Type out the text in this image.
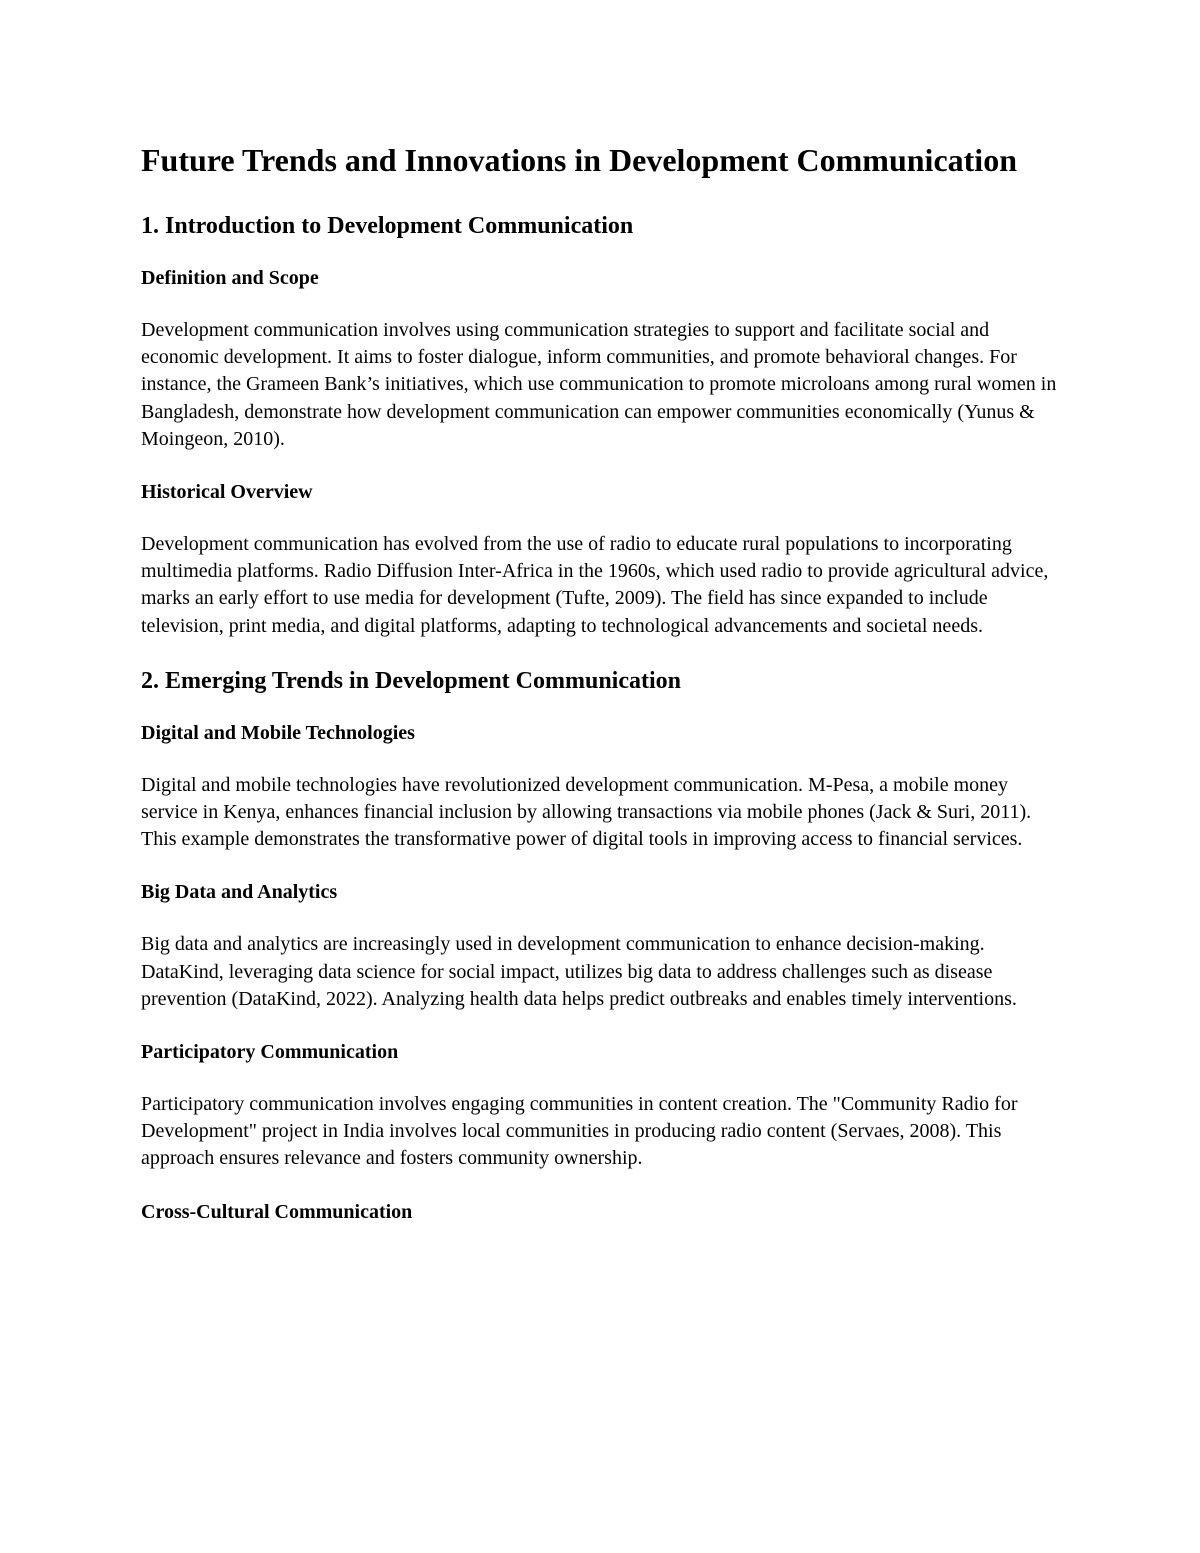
Future Trends and Innovations in Development Communication
1. Introduction to Development Communication
Definition and Scope

Development communication involves using communication strategies to support and facilitate social and economic development. It aims to foster dialogue, inform communities, and promote behavioral changes. For instance, the Grameen Bank’s initiatives, which use communication to promote microloans among rural women in Bangladesh, demonstrate how development communication can empower communities economically (Yunus & Moingeon, 2010).

Historical Overview

Development communication has evolved from the use of radio to educate rural populations to incorporating multimedia platforms. Radio Diffusion Inter-Africa in the 1960s, which used radio to provide agricultural advice, marks an early effort to use media for development (Tufte, 2009). The field has since expanded to include television, print media, and digital platforms, adapting to technological advancements and societal needs.

2. Emerging Trends in Development Communication
Digital and Mobile Technologies

Digital and mobile technologies have revolutionized development communication. M-Pesa, a mobile money service in Kenya, enhances financial inclusion by allowing transactions via mobile phones (Jack & Suri, 2011). This example demonstrates the transformative power of digital tools in improving access to financial services.

Big Data and Analytics

Big data and analytics are increasingly used in development communication to enhance decision-making. DataKind, leveraging data science for social impact, utilizes big data to address challenges such as disease prevention (DataKind, 2022). Analyzing health data helps predict outbreaks and enables timely interventions.

Participatory Communication

Participatory communication involves engaging communities in content creation. The "Community Radio for Development" project in India involves local communities in producing radio content (Servaes, 2008). This approach ensures relevance and fosters community ownership.

Cross-Cultural Communication
